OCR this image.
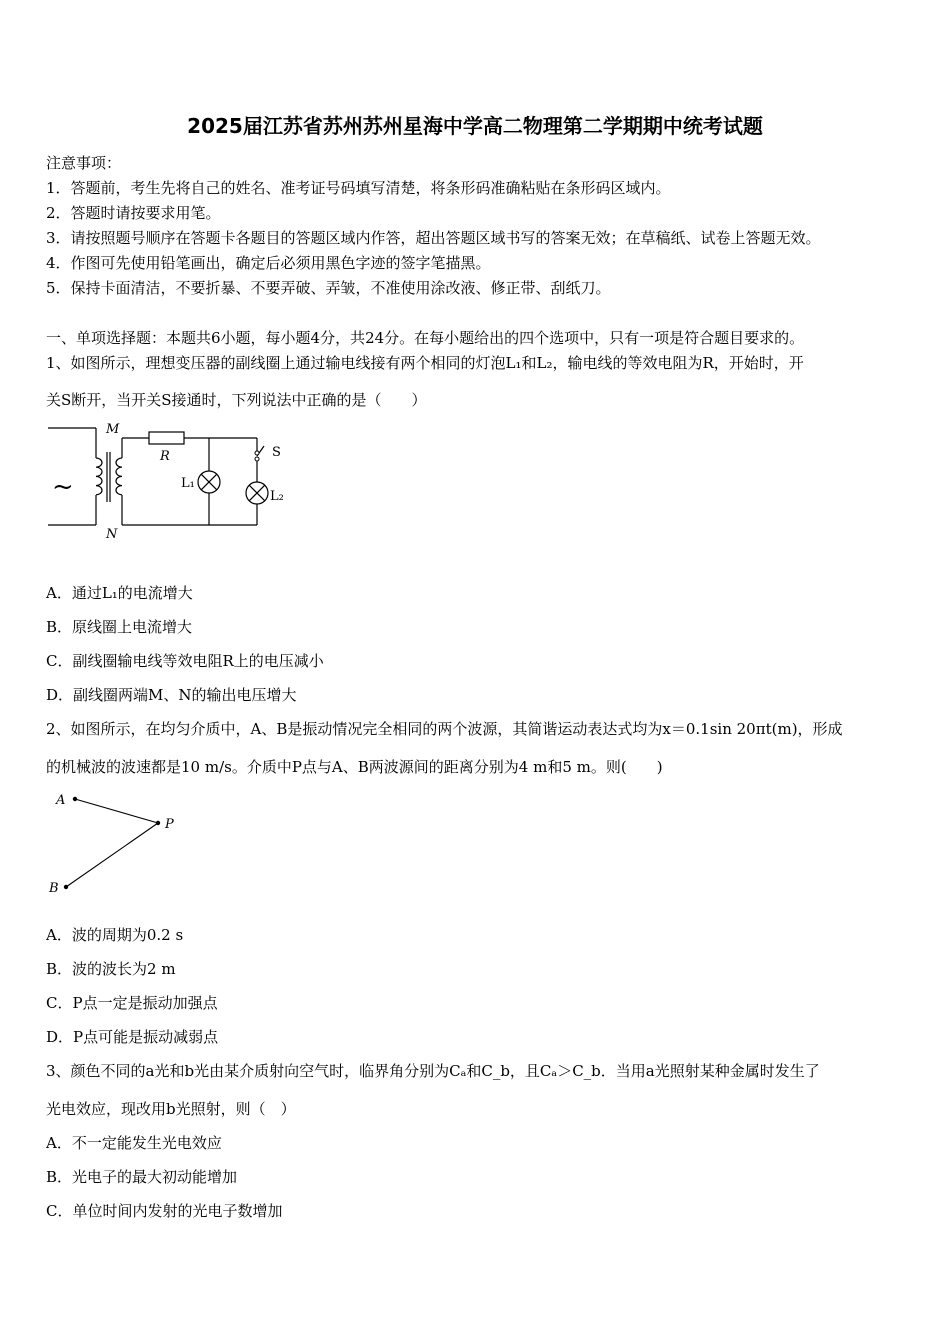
2025届江苏省苏州苏州星海中学高二物理第二学期期中统考试题
注意事项：
1．答题前，考生先将自己的姓名、准考证号码填写清楚，将条形码准确粘贴在条形码区域内。
2．答题时请按要求用笔。
3．请按照题号顺序在答题卡各题目的答题区域内作答，超出答题区域书写的答案无效；在草稿纸、试卷上答题无效。
4．作图可先使用铅笔画出，确定后必须用黑色字迹的签字笔描黑。
5．保持卡面清洁，不要折暴、不要弄破、弄皱，不准使用涂改液、修正带、刮纸刀。
一、单项选择题：本题共6小题，每小题4分，共24分。在每小题给出的四个选项中，只有一项是符合题目要求的。
1、如图所示，理想变压器的副线圈上通过输电线接有两个相同的灯泡L₁和L₂，输电线的等效电阻为R，开始时，开
关S断开，当开关S接通时，下列说法中正确的是（　　）
~
M
N
R	S
L₁
L₂
A．通过L₁的电流增大
B．原线圈上电流增大
C．副线圈输电线等效电阻R上的电压减小
D．副线圈两端M、N的输出电压增大
2、如图所示，在均匀介质中，A、B是振动情况完全相同的两个波源，其简谐运动表达式均为x＝0.1sin 20πt(m)，形成
的机械波的波速都是10 m/s。介质中P点与A、B两波源间的距离分别为4 m和5 m。则(　　)
A
P
B
A．波的周期为0.2 s
B．波的波长为2 m
C．P点一定是振动加强点
D．P点可能是振动减弱点
3、颜色不同的a光和b光由某介质射向空气时，临界角分别为Cₐ和C_b，且Cₐ＞C_b．当用a光照射某种金属时发生了
光电效应，现改用b光照射，则（　）
A．不一定能发生光电效应
B．光电子的最大初动能增加
C．单位时间内发射的光电子数增加
